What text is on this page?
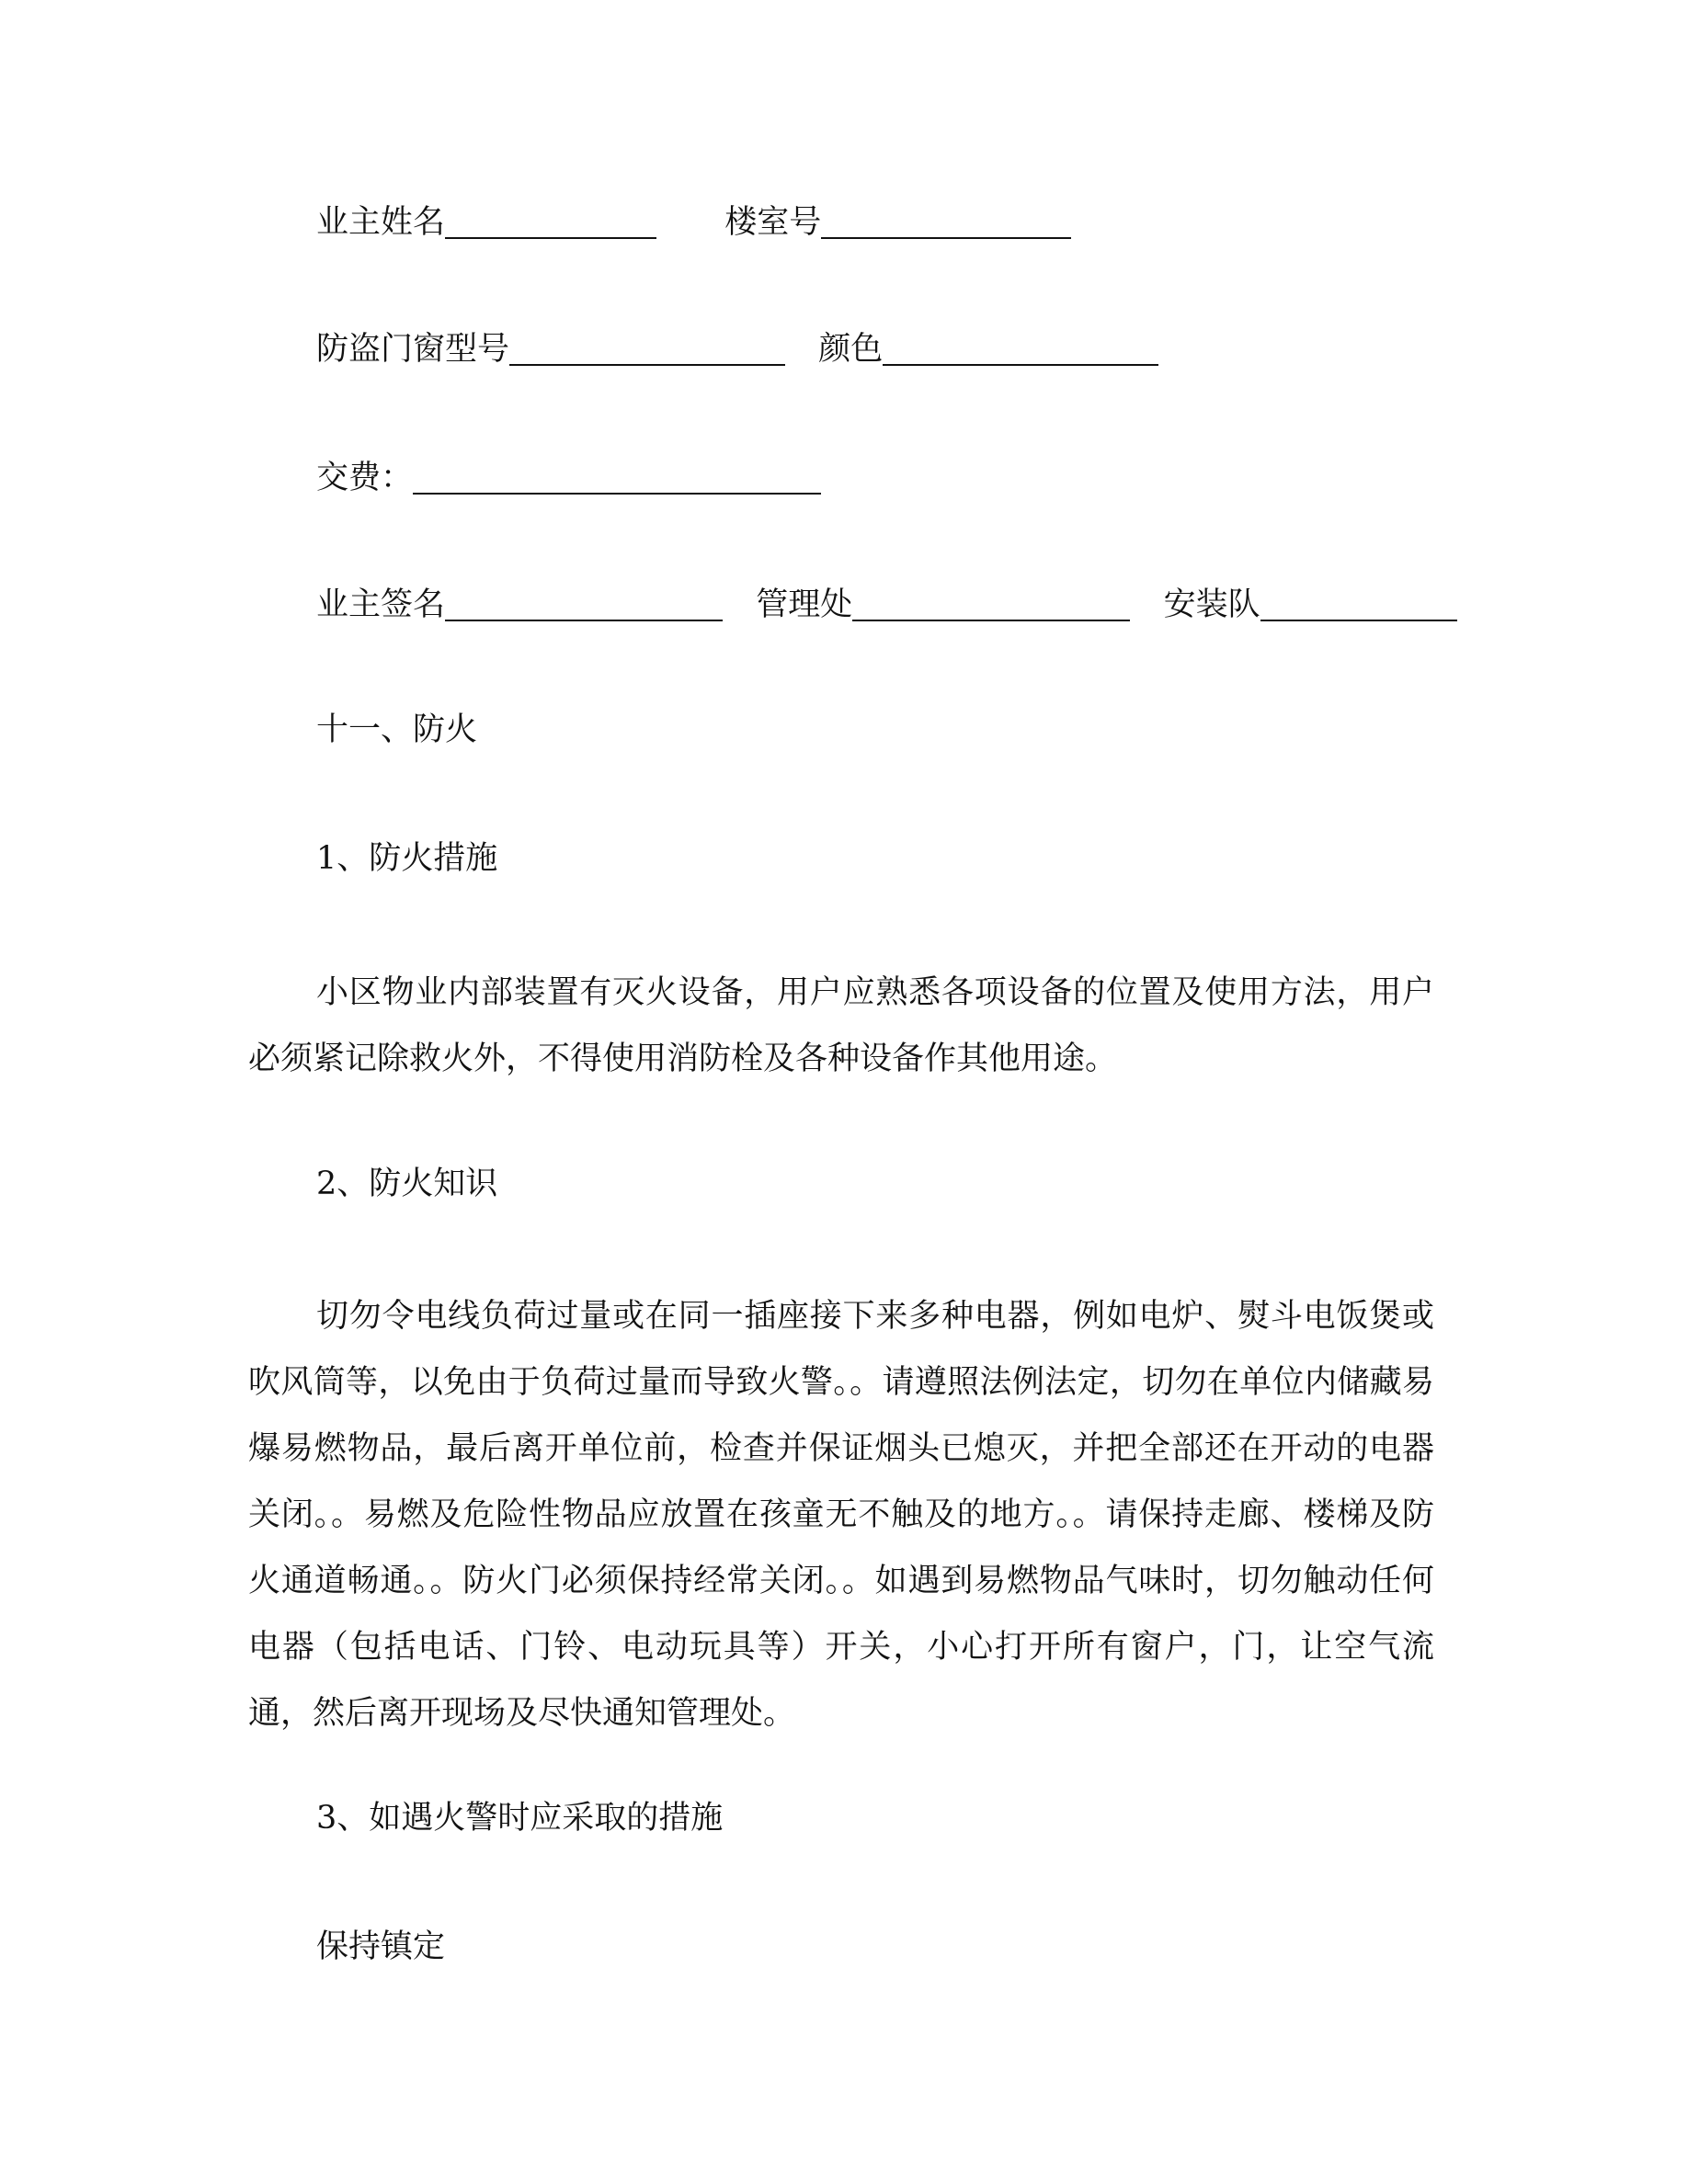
业主姓名	楼室号
防盗门窗型号	颜色
交费：
业主签名	管理处	安装队
十一、防火
1、防火措施

小区物业内部装置有灭火设备，用户应熟悉各项设备的位置及使用方法，用户必须紧记除救火外，不得使用消防栓及各种设备作其他用途。

2、防火知识

切勿令电线负荷过量或在同一插座接下来多种电器，例如电炉、熨斗电饭煲或吹风筒等，以免由于负荷过量而导致火警。。请遵照法例法定，切勿在单位内储藏易爆易燃物品，最后离开单位前，检查并保证烟头已熄灭，并把全部还在开动的电器关闭。。易燃及危险性物品应放置在孩童无不触及的地方。。请保持走廊、楼梯及防火通道畅通。。防火门必须保持经常关闭。。如遇到易燃物品气味时，切勿触动任何电器（包括电话、门铃、电动玩具等）开关，小心打开所有窗户，门，让空气流通，然后离开现场及尽快通知管理处。

3、如遇火警时应采取的措施
保持镇定
